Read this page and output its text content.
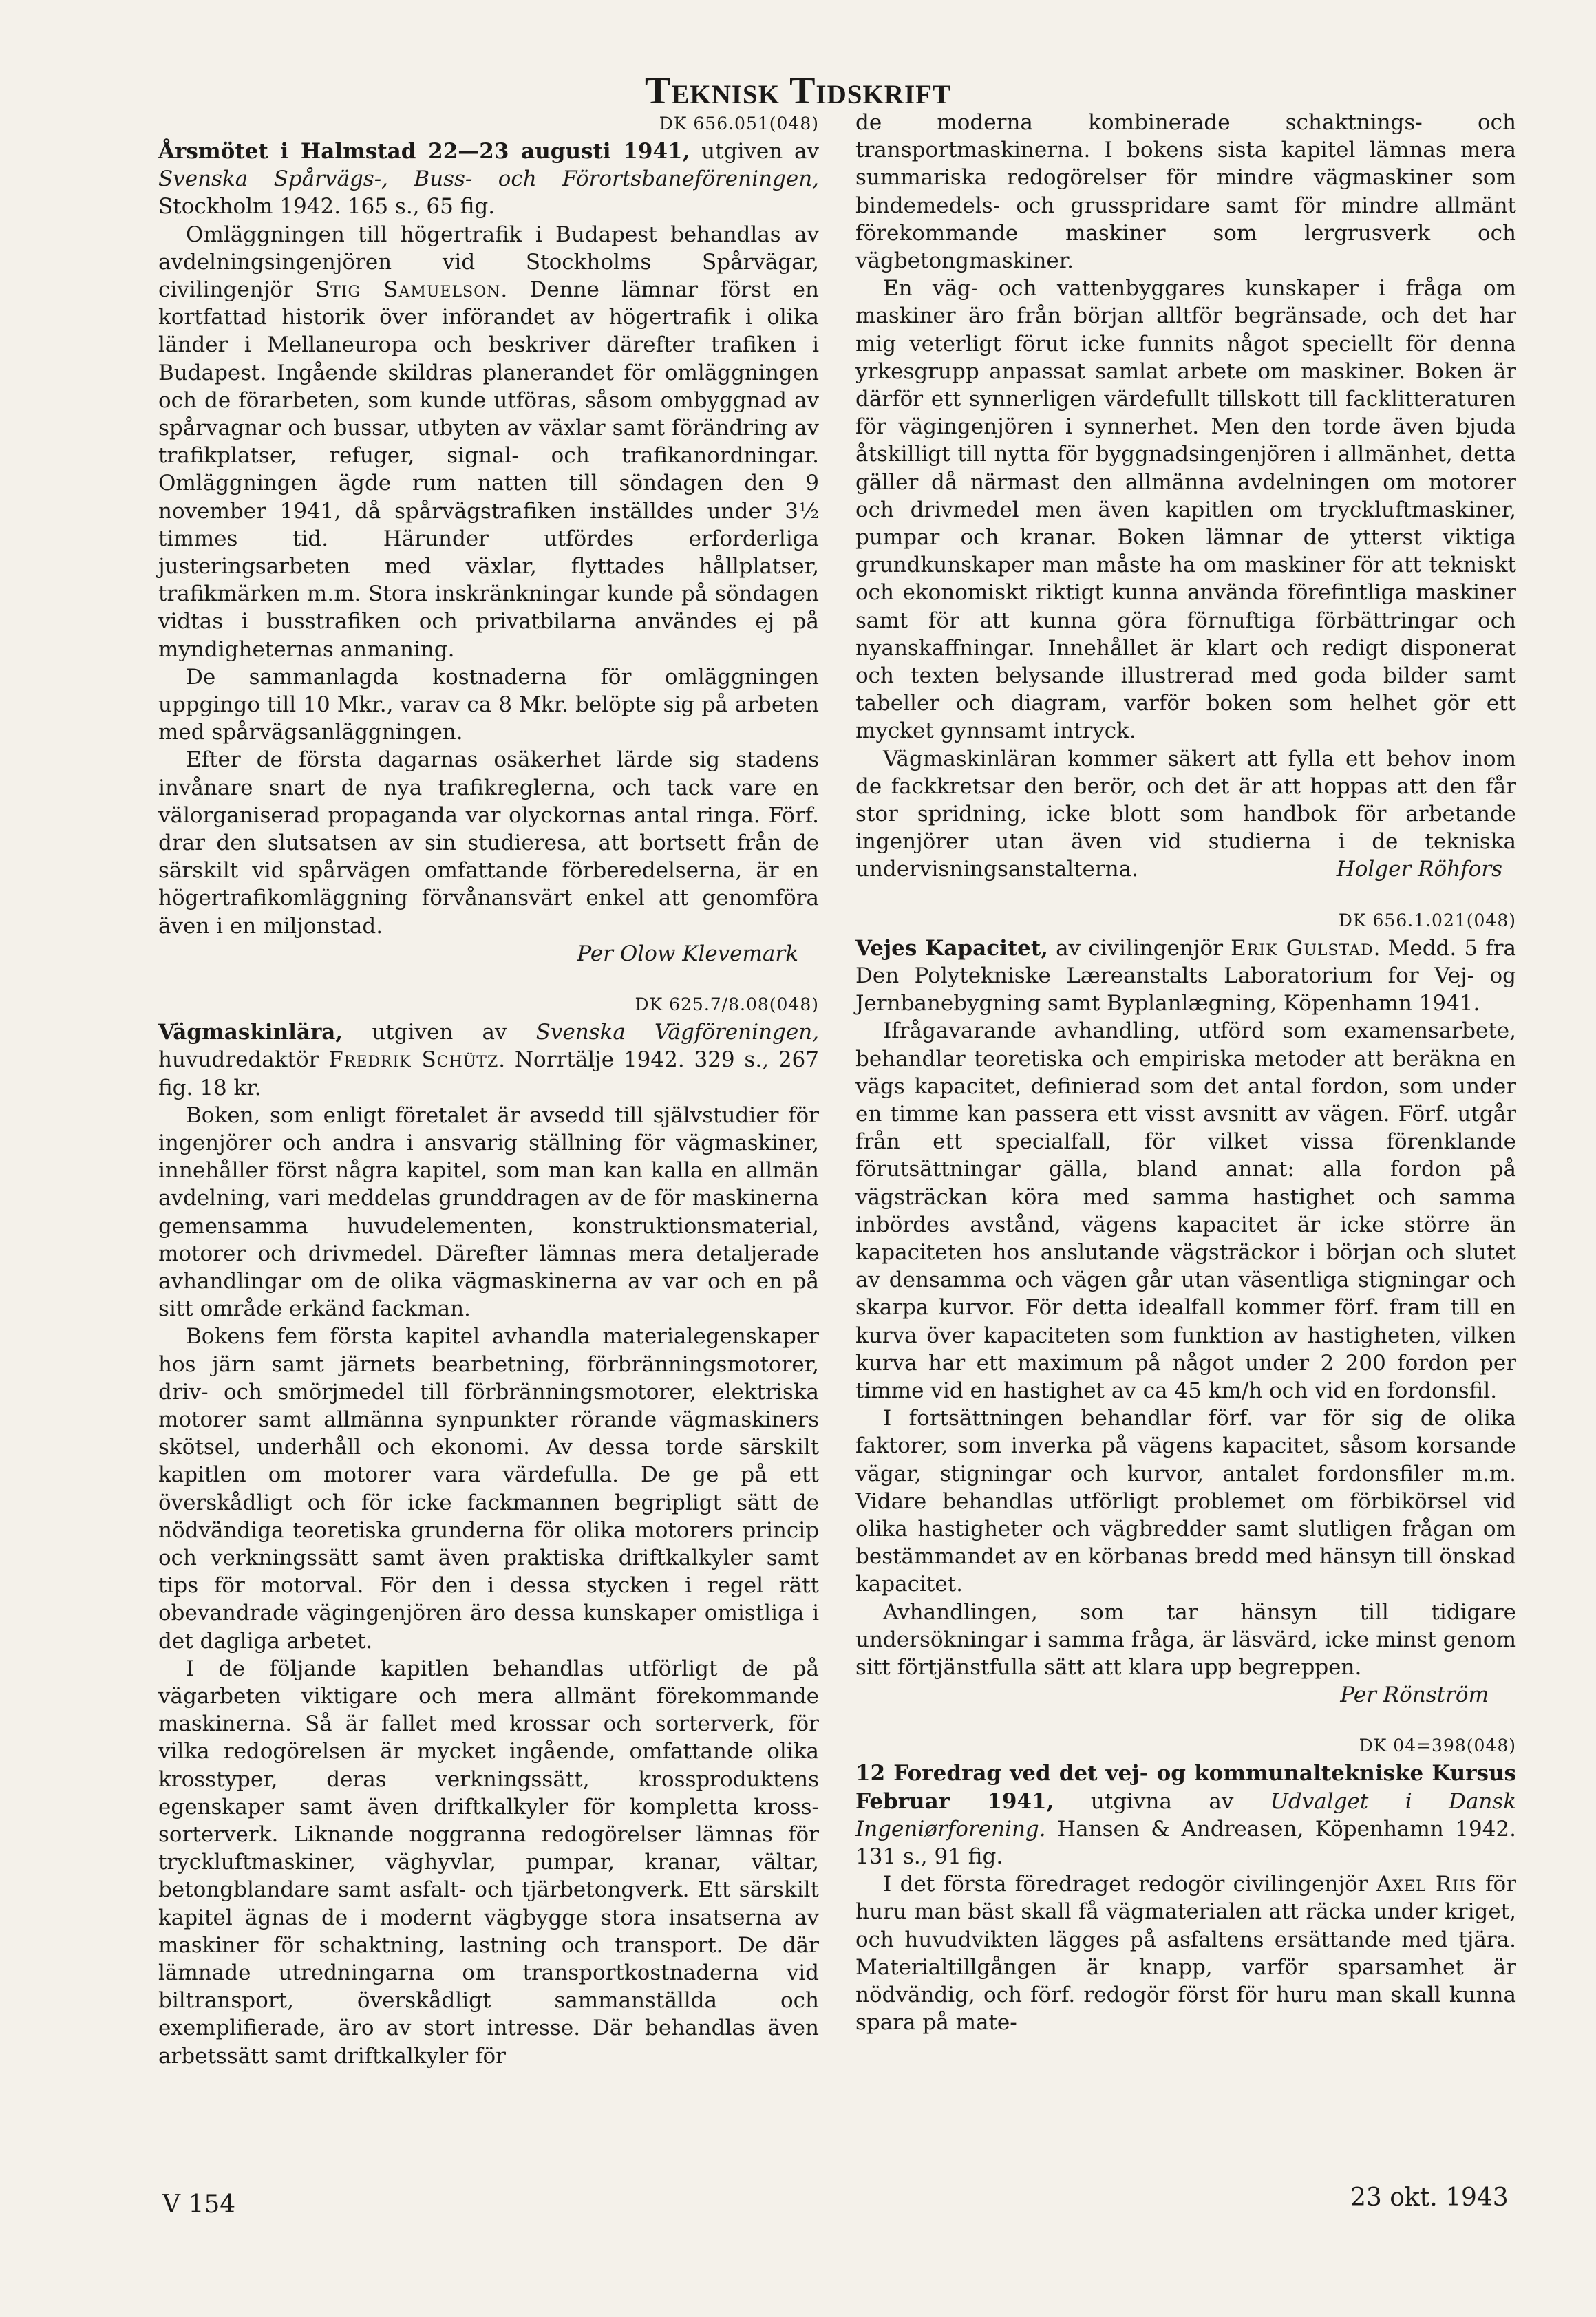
Teknisk Tidskrift
DK 656.051(048)

Årsmötet i Halmstad 22—23 augusti 1941, utgiven av Svenska Spårvägs-, Buss- och Förortsbaneföreningen, Stockholm 1942. 165 s., 65 fig.

Omläggningen till högertrafik i Budapest behandlas av avdelningsingenjören vid Stockholms Spårvägar, civilingenjör Stig Samuelson. Denne lämnar först en kortfattad historik över införandet av högertrafik i olika länder i Mellaneuropa och beskriver därefter trafiken i Budapest. Ingående skildras planerandet för omläggningen och de förarbeten, som kunde utföras, såsom ombyggnad av spårvagnar och bussar, utbyten av växlar samt förändring av trafikplatser, refuger, signal- och trafikanordningar. Omläggningen ägde rum natten till söndagen den 9 november 1941, då spårvägstrafiken inställdes under 3½ timmes tid. Härunder utfördes erforderliga justeringsarbeten med växlar, flyttades hållplatser, trafikmärken m.m. Stora inskränkningar kunde på söndagen vidtas i busstrafiken och privatbilarna användes ej på myndigheternas anmaning.

De sammanlagda kostnaderna för omläggningen uppgingo till 10 Mkr., varav ca 8 Mkr. belöpte sig på arbeten med spårvägsanläggningen.

Efter de första dagarnas osäkerhet lärde sig stadens invånare snart de nya trafikreglerna, och tack vare en välorganiserad propaganda var olyckornas antal ringa. Förf. drar den slutsatsen av sin studieresa, att bortsett från de särskilt vid spårvägen omfattande förberedelserna, är en högertrafikomläggning förvånansvärt enkel att genomföra även i en miljonstad.

Per Olow Klevemark
DK 625.7/8.08(048)

Vägmaskinlära, utgiven av Svenska Vägföreningen, huvudredaktör Fredrik Schütz. Norrtälje 1942. 329 s., 267 fig. 18 kr.

Boken, som enligt företalet är avsedd till självstudier för ingenjörer och andra i ansvarig ställning för vägmaskiner, innehåller först några kapitel, som man kan kalla en allmän avdelning, vari meddelas grunddragen av de för maskinerna gemensamma huvudelementen, konstruktionsmaterial, motorer och drivmedel. Därefter lämnas mera detaljerade avhandlingar om de olika vägmaskinerna av var och en på sitt område erkänd fackman.

Bokens fem första kapitel avhandla materialegenskaper hos järn samt järnets bearbetning, förbränningsmotorer, driv- och smörjmedel till förbränningsmotorer, elektriska motorer samt allmänna synpunkter rörande vägmaskiners skötsel, underhåll och ekonomi. Av dessa torde särskilt kapitlen om motorer vara värdefulla. De ge på ett överskådligt och för icke fackmannen begripligt sätt de nödvändiga teoretiska grunderna för olika motorers princip och verkningssätt samt även praktiska driftkalkyler samt tips för motorval. För den i dessa stycken i regel rätt obevandrade vägingenjören äro dessa kunskaper omistliga i det dagliga arbetet.

I de följande kapitlen behandlas utförligt de på vägarbeten viktigare och mera allmänt förekommande maskinerna. Så är fallet med krossar och sorterverk, för vilka redogörelsen är mycket ingående, omfattande olika krosstyper, deras verkningssätt, krossproduktens egenskaper samt även driftkalkyler för kompletta kross-sorterverk. Liknande noggranna redogörelser lämnas för tryckluftmaskiner, väghyvlar, pumpar, kranar, vältar, betongblandare samt asfalt- och tjärbetongverk. Ett särskilt kapitel ägnas de i modernt vägbygge stora insatserna av maskiner för schaktning, lastning och transport. De där lämnade utredningarna om transportkostnaderna vid biltransport, överskådligt sammanställda och exemplifierade, äro av stort intresse. Där behandlas även arbetssätt samt driftkalkyler för

de moderna kombinerade schaktnings- och transportmaskinerna. I bokens sista kapitel lämnas mera summariska redogörelser för mindre vägmaskiner som bindemedels- och grusspridare samt för mindre allmänt förekommande maskiner som lergrusverk och vägbetongmaskiner.

En väg- och vattenbyggares kunskaper i fråga om maskiner äro från början alltför begränsade, och det har mig veterligt förut icke funnits något speciellt för denna yrkesgrupp anpassat samlat arbete om maskiner. Boken är därför ett synnerligen värdefullt tillskott till facklitteraturen för vägingenjören i synnerhet. Men den torde även bjuda åtskilligt till nytta för byggnadsingenjören i allmänhet, detta gäller då närmast den allmänna avdelningen om motorer och drivmedel men även kapitlen om tryckluftmaskiner, pumpar och kranar. Boken lämnar de ytterst viktiga grundkunskaper man måste ha om maskiner för att tekniskt och ekonomiskt riktigt kunna använda förefintliga maskiner samt för att kunna göra förnuftiga förbättringar och nyanskaffningar. Innehållet är klart och redigt disponerat och texten belysande illustrerad med goda bilder samt tabeller och diagram, varför boken som helhet gör ett mycket gynnsamt intryck.

Vägmaskinläran kommer säkert att fylla ett behov inom de fackkretsar den berör, och det är att hoppas att den får stor spridning, icke blott som handbok för arbetande ingenjörer utan även vid studierna i de tekniska undervisningsanstalterna.	Holger Röhfors

DK 656.1.021(048)

Vejes Kapacitet, av civilingenjör Erik Gulstad. Medd. 5 fra Den Polytekniske Læreanstalts Laboratorium for Vej- og Jernbanebygning samt Byplanlægning, Köpenhamn 1941.

Ifrågavarande avhandling, utförd som examensarbete, behandlar teoretiska och empiriska metoder att beräkna en vägs kapacitet, definierad som det antal fordon, som under en timme kan passera ett visst avsnitt av vägen. Förf. utgår från ett specialfall, för vilket vissa förenklande förutsättningar gälla, bland annat: alla fordon på vägsträckan köra med samma hastighet och samma inbördes avstånd, vägens kapacitet är icke större än kapaciteten hos anslutande vägsträckor i början och slutet av densamma och vägen går utan väsentliga stigningar och skarpa kurvor. För detta idealfall kommer förf. fram till en kurva över kapaciteten som funktion av hastigheten, vilken kurva har ett maximum på något under 2 200 fordon per timme vid en hastighet av ca 45 km/h och vid en fordonsfil.

I fortsättningen behandlar förf. var för sig de olika faktorer, som inverka på vägens kapacitet, såsom korsande vägar, stigningar och kurvor, antalet fordonsfiler m.m. Vidare behandlas utförligt problemet om förbikörsel vid olika hastigheter och vägbredder samt slutligen frågan om bestämmandet av en körbanas bredd med hänsyn till önskad kapacitet.

Avhandlingen, som tar hänsyn till tidigare undersökningar i samma fråga, är läsvärd, icke minst genom sitt förtjänstfulla sätt att klara upp begreppen.

Per Rönström
DK 04=398(048)

12 Foredrag ved det vej- og kommunaltekniske Kursus Februar 1941, utgivna av Udvalget i Dansk Ingeniørforening. Hansen & Andreasen, Köpenhamn 1942. 131 s., 91 fig.

I det första föredraget redogör civilingenjör Axel Riis för huru man bäst skall få vägmaterialen att räcka under kriget, och huvudvikten lägges på asfaltens ersättande med tjära. Materialtillgången är knapp, varför sparsamhet är nödvändig, och förf. redogör först för huru man skall kunna spara på mate-

V 154	23 okt. 1943
